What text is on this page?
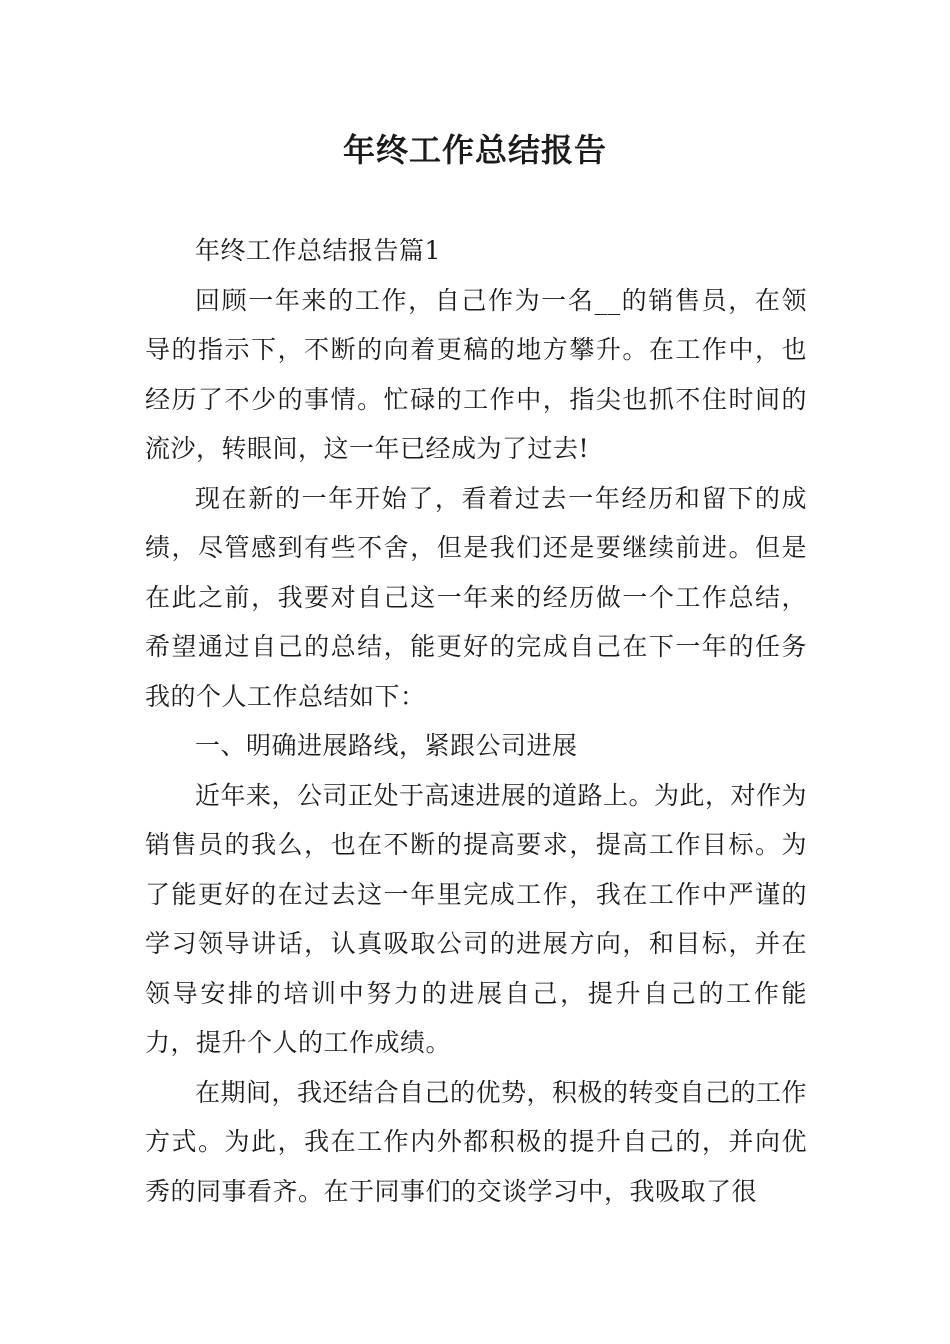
年终工作总结报告

年终工作总结报告篇1

回顾一年来的工作，自己作为一名__的销售员，在领导的指示下，不断的向着更稿的地方攀升。在工作中，也经历了不少的事情。忙碌的工作中，指尖也抓不住时间的流沙，转眼间，这一年已经成为了过去!

现在新的一年开始了，看着过去一年经历和留下的成绩，尽管感到有些不舍，但是我们还是要继续前进。但是在此之前，我要对自己这一年来的经历做一个工作总结，希望通过自己的总结，能更好的完成自己在下一年的任务我的个人工作总结如下：

一、明确进展路线，紧跟公司进展

近年来，公司正处于高速进展的道路上。为此，对作为销售员的我么，也在不断的提高要求，提高工作目标。为了能更好的在过去这一年里完成工作，我在工作中严谨的学习领导讲话，认真吸取公司的进展方向，和目标，并在领导安排的培训中努力的进展自己，提升自己的工作能力，提升个人的工作成绩。

在期间，我还结合自己的优势，积极的转变自己的工作方式。为此，我在工作内外都积极的提升自己的，并向优秀的同事看齐。在于同事们的交谈学习中，我吸取了很
